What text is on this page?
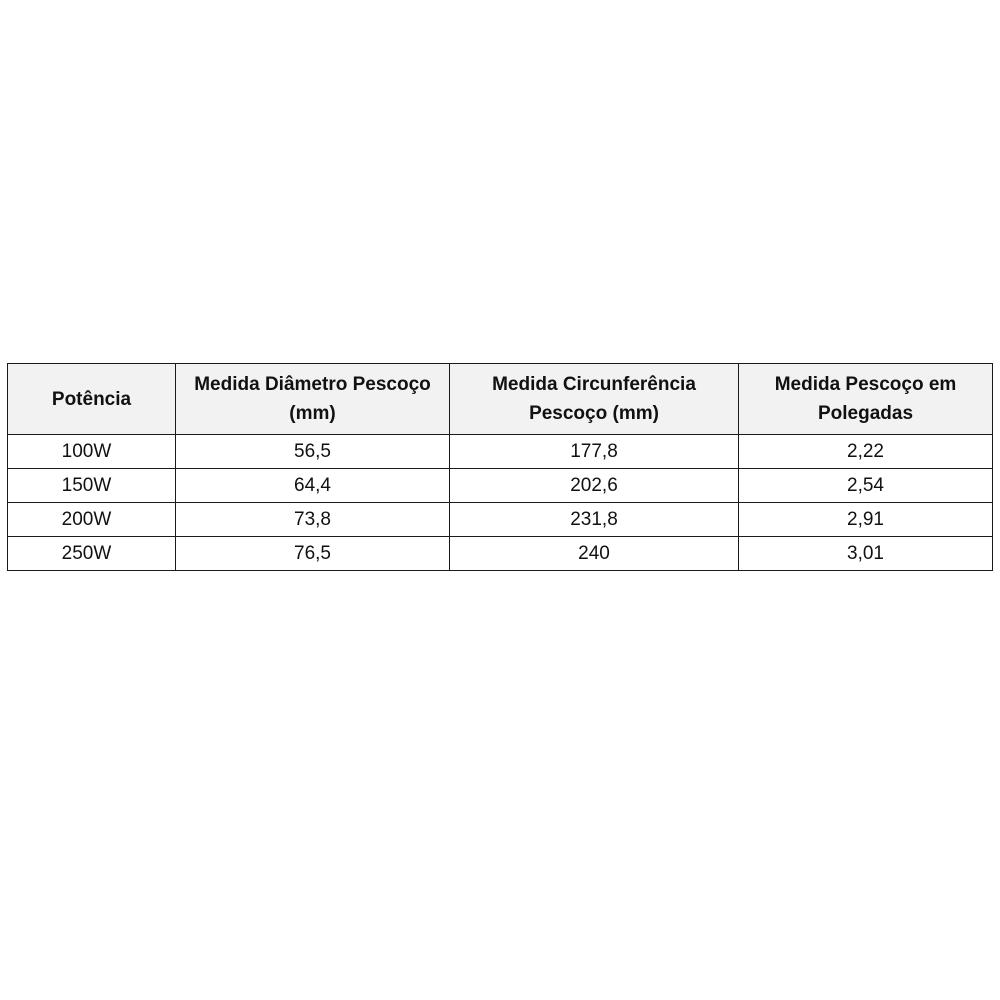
Potência	Medida Diâmetro Pescoço (mm)	Medida Circunferência Pescoço (mm)	Medida Pescoço em Polegadas
100W	56,5	177,8	2,22
150W	64,4	202,6	2,54
200W	73,8	231,8	2,91
250W	76,5	240	3,01
